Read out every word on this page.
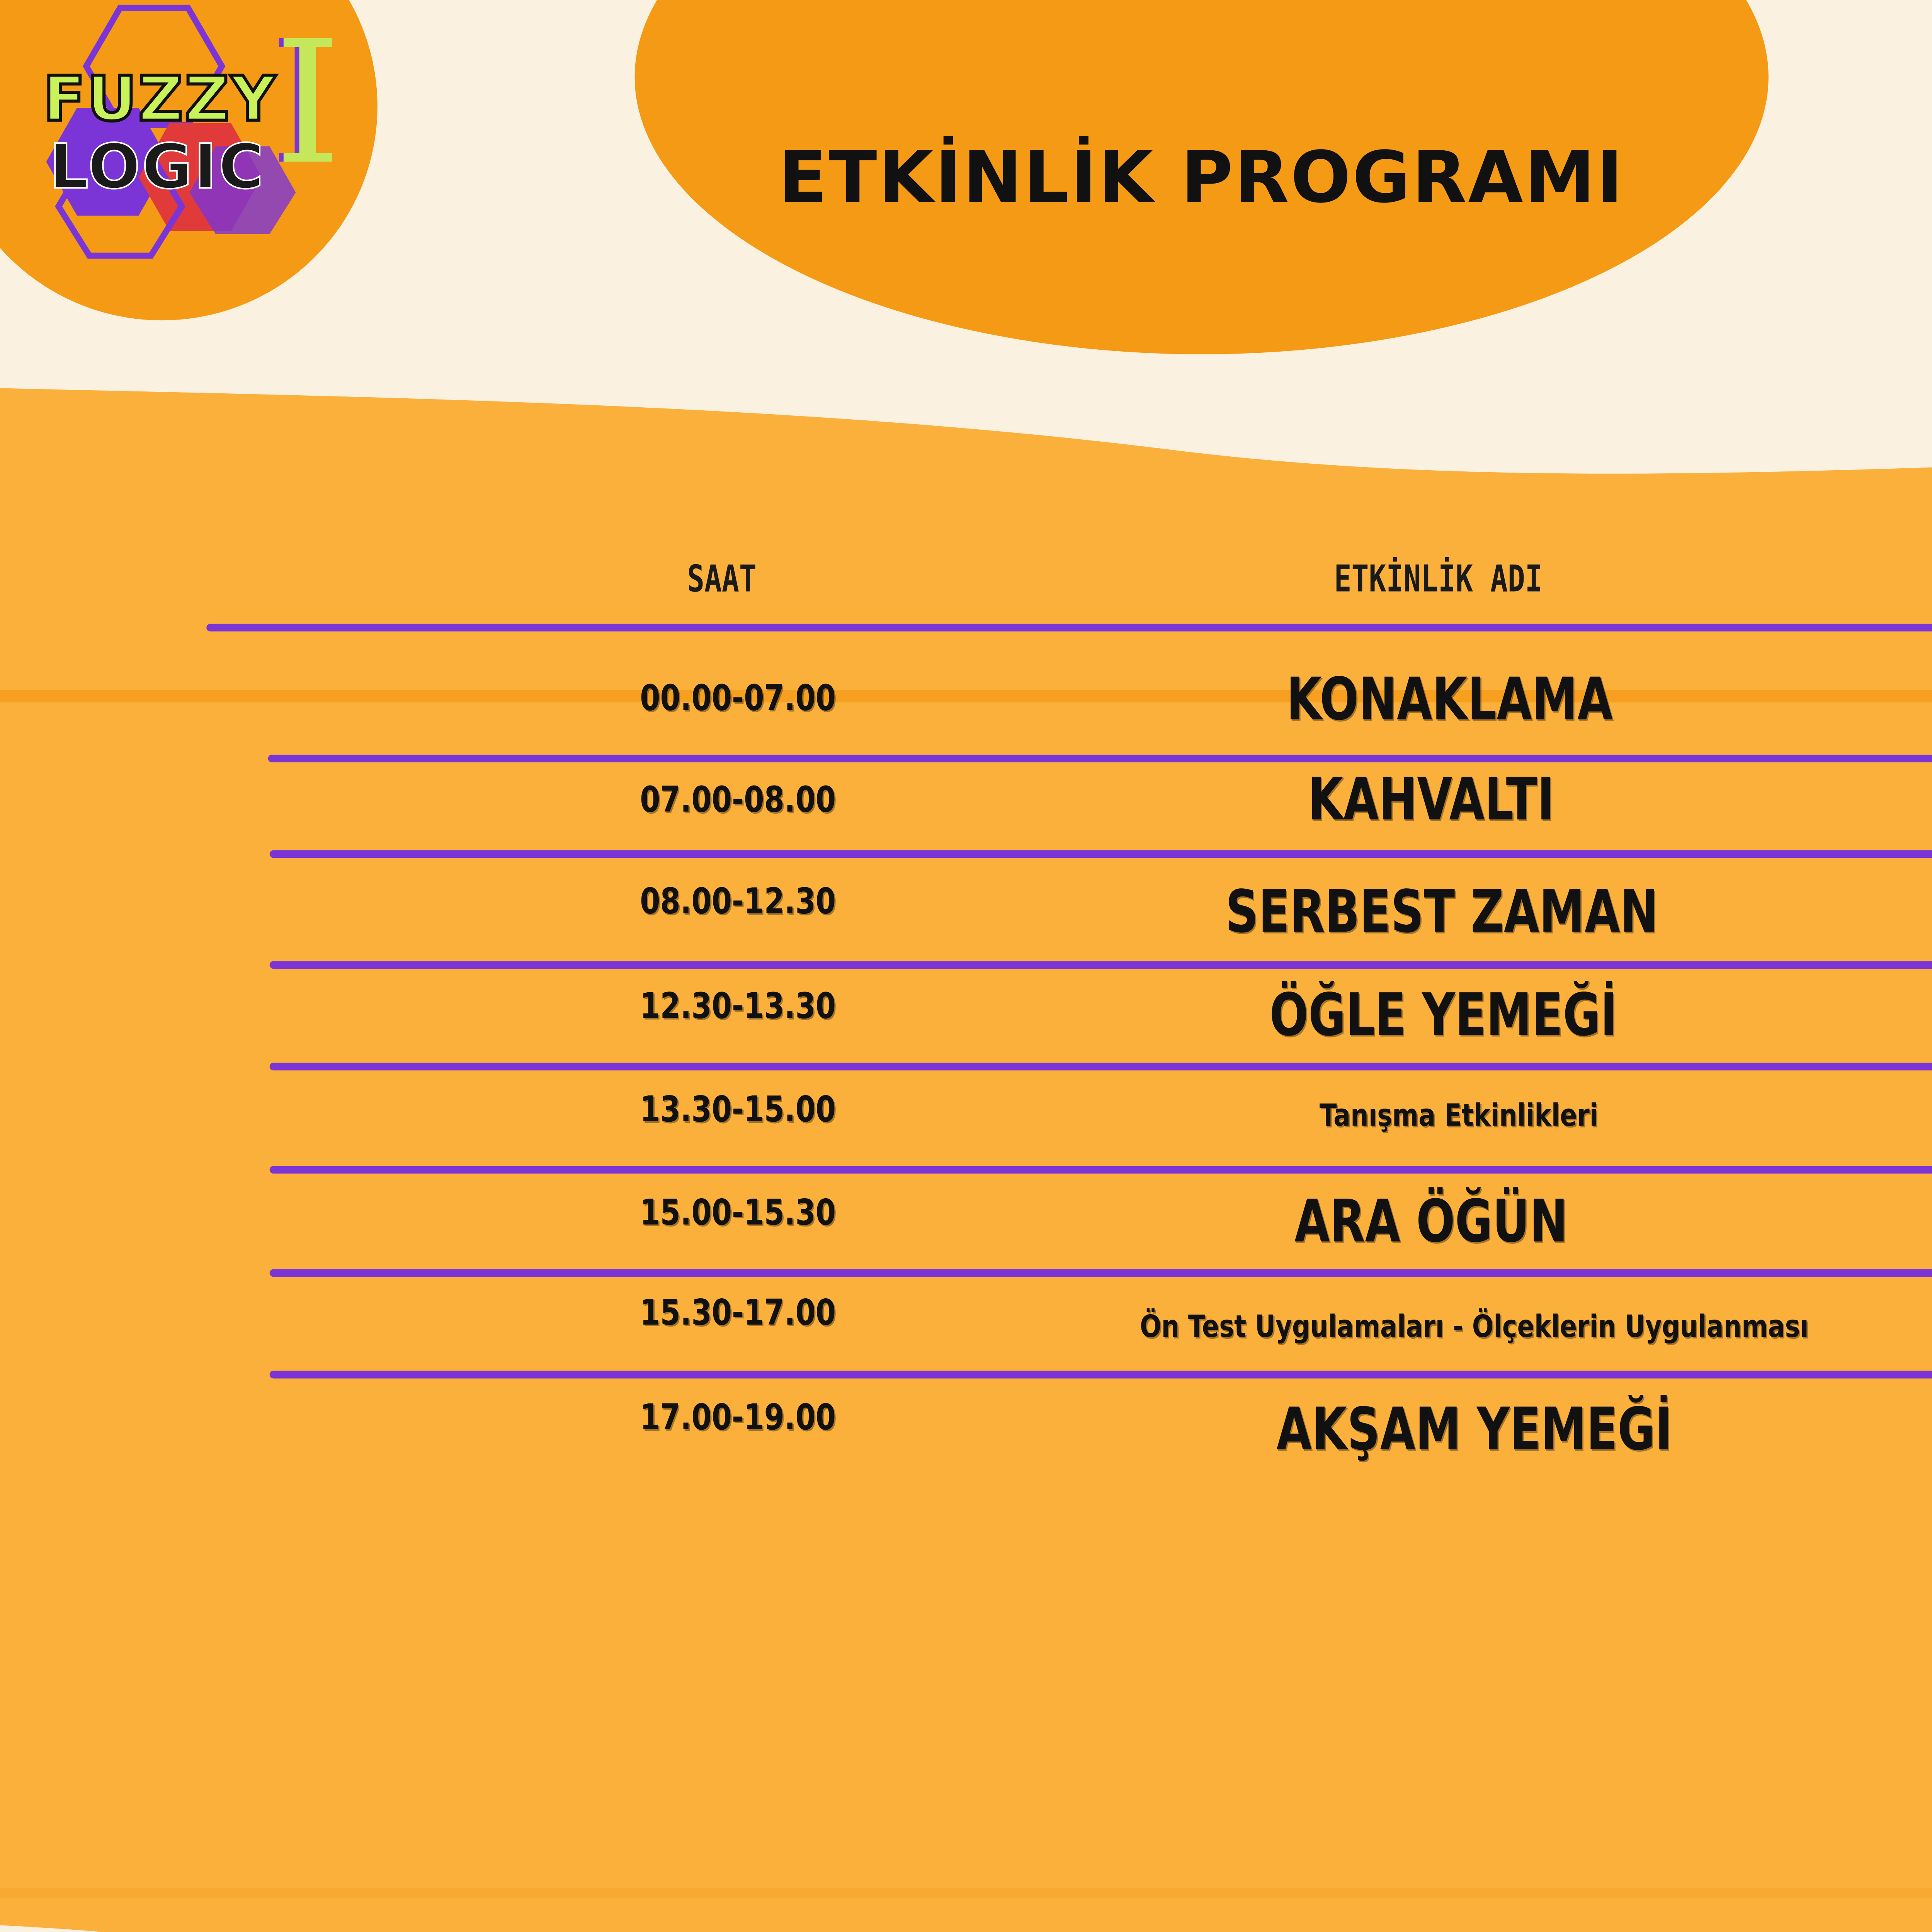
I
FUZZY
LOGIC	ETKİNLİK PROGRAMI
SAAT	ETKİNLİK ADI
00.00-07.00	KONAKLAMA
07.00-08.00	KAHVALTI
08.00-12.30	SERBEST ZAMAN
12.30-13.30	ÖĞLE YEMEĞİ
13.30-15.00	Tanışma Etkinlikleri
15.00-15.30	ARA ÖĞÜN
15.30-17.00	Ön Test Uygulamaları - Ölçeklerin Uygulanması
17.00-19.00	AKŞAM YEMEĞİ
